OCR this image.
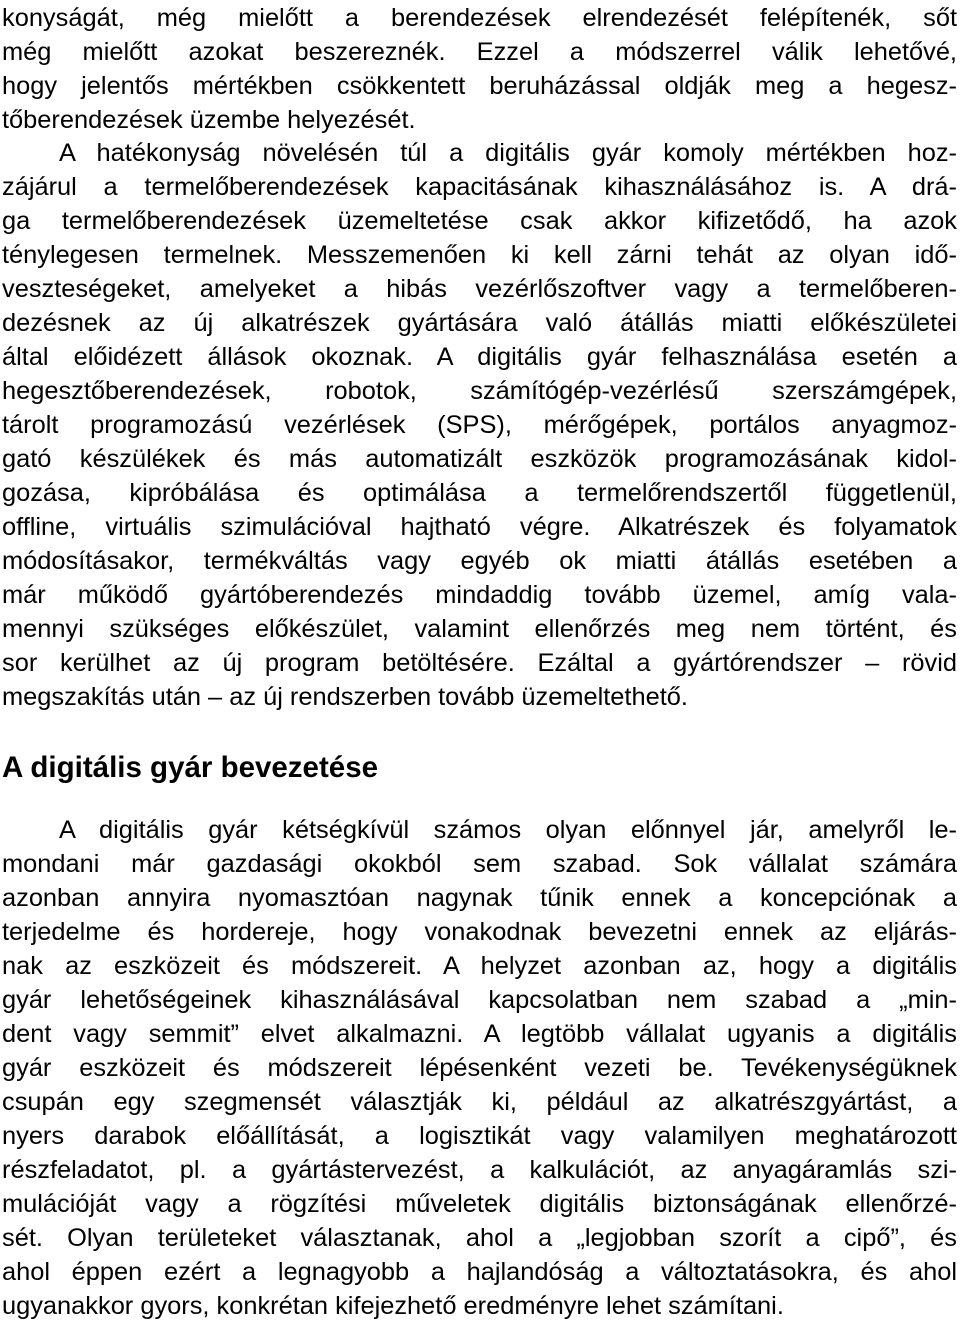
konyságát, még mielőtt a berendezések elrendezését felépítenék, sőt
még mielőtt azokat beszereznék. Ezzel a módszerrel válik lehetővé,
hogy jelentős mértékben csökkentett beruházással oldják meg a hegesz-
tőberendezések üzembe helyezését.
A hatékonyság növelésén túl a digitális gyár komoly mértékben hoz-
zájárul a termelőberendezések kapacitásának kihasználásához is. A drá-
ga termelőberendezések üzemeltetése csak akkor kifizetődő, ha azok
ténylegesen termelnek. Messzemenően ki kell zárni tehát az olyan idő-
veszteségeket, amelyeket a hibás vezérlőszoftver vagy a termelőberen-
dezésnek az új alkatrészek gyártására való átállás miatti előkészületei
által előidézett állások okoznak. A digitális gyár felhasználása esetén a
hegesztőberendezések, robotok, számítógép-vezérlésű szerszámgépek,
tárolt programozású vezérlések (SPS), mérőgépek, portálos anyagmoz-
gató készülékek és más automatizált eszközök programozásának kidol-
gozása, kipróbálása és optimálása a termelőrendszertől függetlenül,
offline, virtuális szimulációval hajtható végre. Alkatrészek és folyamatok
módosításakor, termékváltás vagy egyéb ok miatti átállás esetében a
már működő gyártóberendezés mindaddig tovább üzemel, amíg vala-
mennyi szükséges előkészület, valamint ellenőrzés meg nem történt, és
sor kerülhet az új program betöltésére. Ezáltal a gyártórendszer – rövid
megszakítás után – az új rendszerben tovább üzemeltethető.
A digitális gyár bevezetése
A digitális gyár kétségkívül számos olyan előnnyel jár, amelyről le-
mondani már gazdasági okokból sem szabad. Sok vállalat számára
azonban annyira nyomasztóan nagynak tűnik ennek a koncepciónak a
terjedelme és hordereje, hogy vonakodnak bevezetni ennek az eljárás-
nak az eszközeit és módszereit. A helyzet azonban az, hogy a digitális
gyár lehetőségeinek kihasználásával kapcsolatban nem szabad a „min-
dent vagy semmit” elvet alkalmazni. A legtöbb vállalat ugyanis a digitális
gyár eszközeit és módszereit lépésenként vezeti be. Tevékenységüknek
csupán egy szegmensét választják ki, például az alkatrészgyártást, a
nyers darabok előállítását, a logisztikát vagy valamilyen meghatározott
részfeladatot, pl. a gyártástervezést, a kalkulációt, az anyagáramlás szi-
mulációját vagy a rögzítési műveletek digitális biztonságának ellenőrzé-
sét. Olyan területeket választanak, ahol a „legjobban szorít a cipő”, és
ahol éppen ezért a legnagyobb a hajlandóság a változtatásokra, és ahol
ugyanakkor gyors, konkrétan kifejezhető eredményre lehet számítani.
